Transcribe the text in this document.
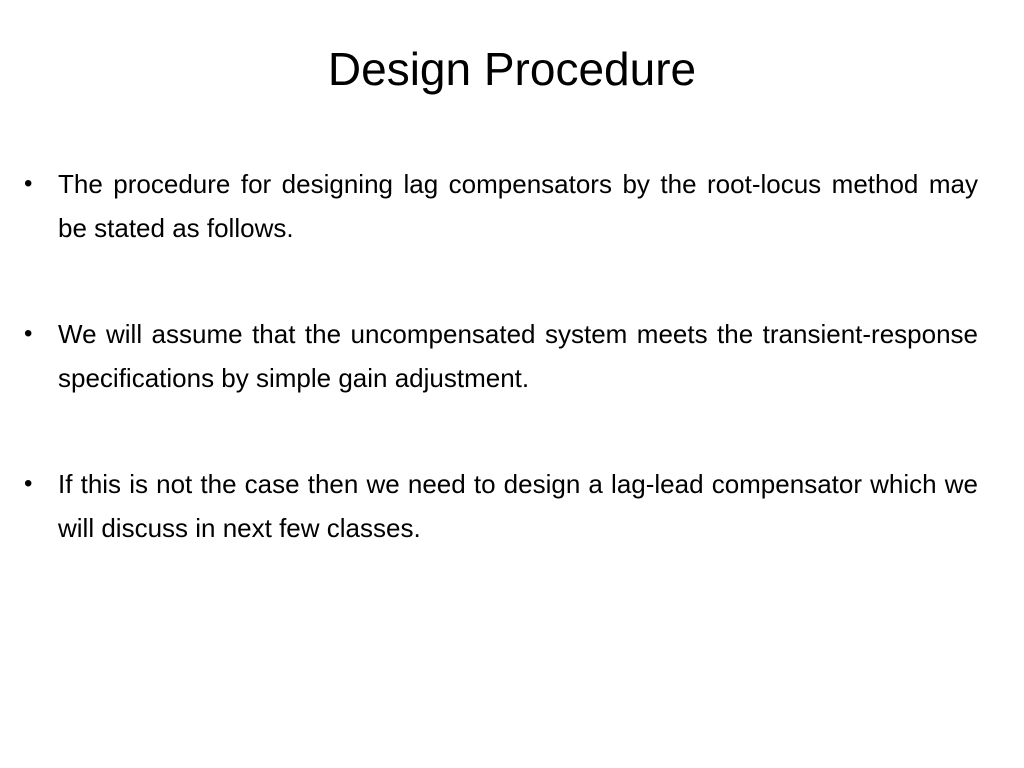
Design Procedure
• The procedure for designing lag compensators by the root-locus method may be stated as follows.
• We will assume that the uncompensated system meets the transient-response specifications by simple gain adjustment.
• If this is not the case then we need to design a lag-lead compensator which we will discuss in next few classes.
